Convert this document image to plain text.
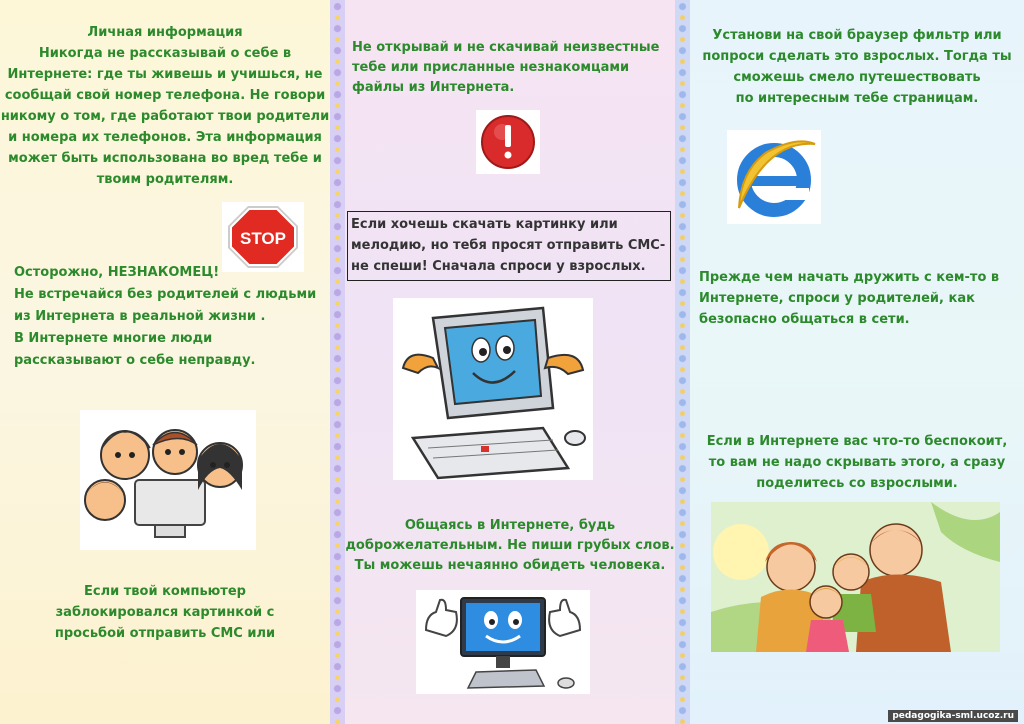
Личная информация
Никогда не рассказывай о себе в
Интернете: где ты живешь и учишься, не
сообщай свой номер телефона. Не говори
никому о том, где работают твои родители
и номера их телефонов. Эта информация
может быть использована во вред тебе и
твоим родителям.
STOP
Осторожно, НЕЗНАКОМЕЦ!
Не встречайся без родителей с людьми
из Интернета в реальной жизни .
В Интернете многие люди
рассказывают о себе неправду.
Если твой компьютер
заблокировался картинкой с
просьбой отправить СМС или
Не открывай и не скачивай неизвестные
тебе или присланные незнакомцами
файлы из Интернета.
Если хочешь скачать картинку или
мелодию, но тебя просят отправить СМС-
не спеши! Сначала спроси у взрослых.
Общаясь в Интернете, будь
доброжелательным. Не пиши грубых слов.
Ты можешь нечаянно обидеть человека.
Установи на свой браузер фильтр или
попроси сделать это взрослых. Тогда ты
сможешь смело путешествовать
по интересным тебе страницам.
Прежде чем начать дружить с кем-то в
Интернете, спроси у родителей, как
безопасно общаться в сети.
Если в Интернете вас что-то беспокоит,
то вам не надо скрывать этого, а сразу
поделитесь со взрослыми.
pedagogika-sml.ucoz.ru
